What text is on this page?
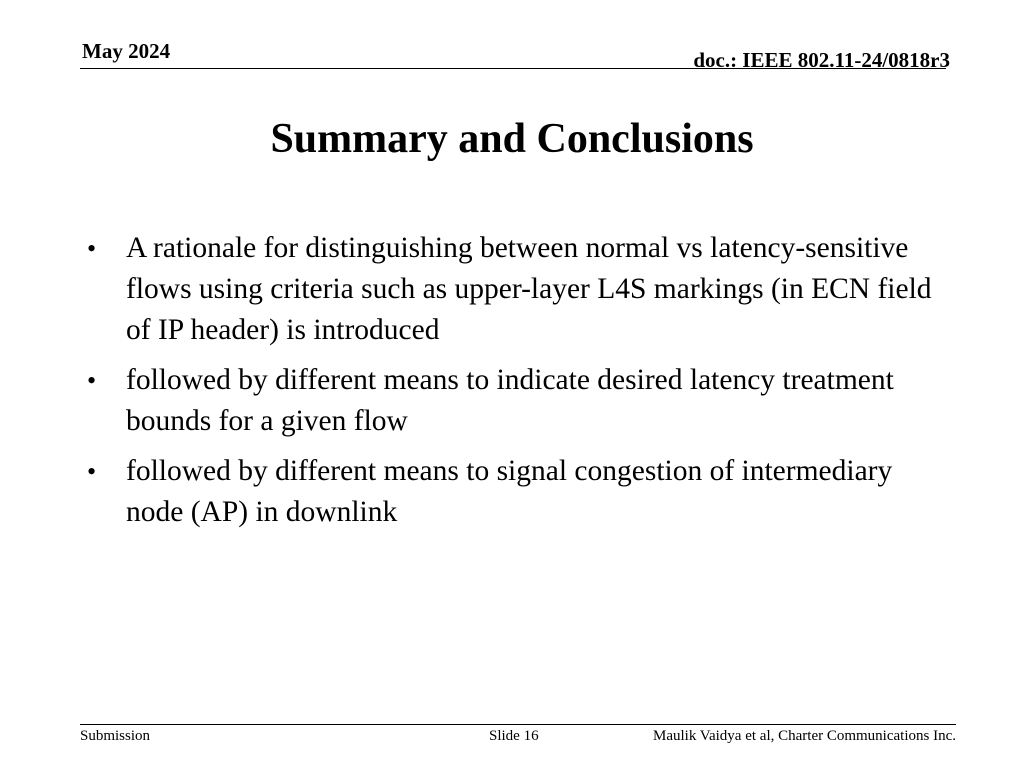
May 2024	doc.: IEEE 802.11-24/0818r3
Summary and Conclusions
• A rationale for distinguishing between normal vs latency-sensitive flows using criteria such as upper-layer L4S markings (in ECN field of IP header) is introduced
• followed by different means to indicate desired latency treatment bounds for a given flow
• followed by different means to signal congestion of intermediary node (AP) in downlink
Submission	Slide 16	Maulik Vaidya et al, Charter Communications Inc.
